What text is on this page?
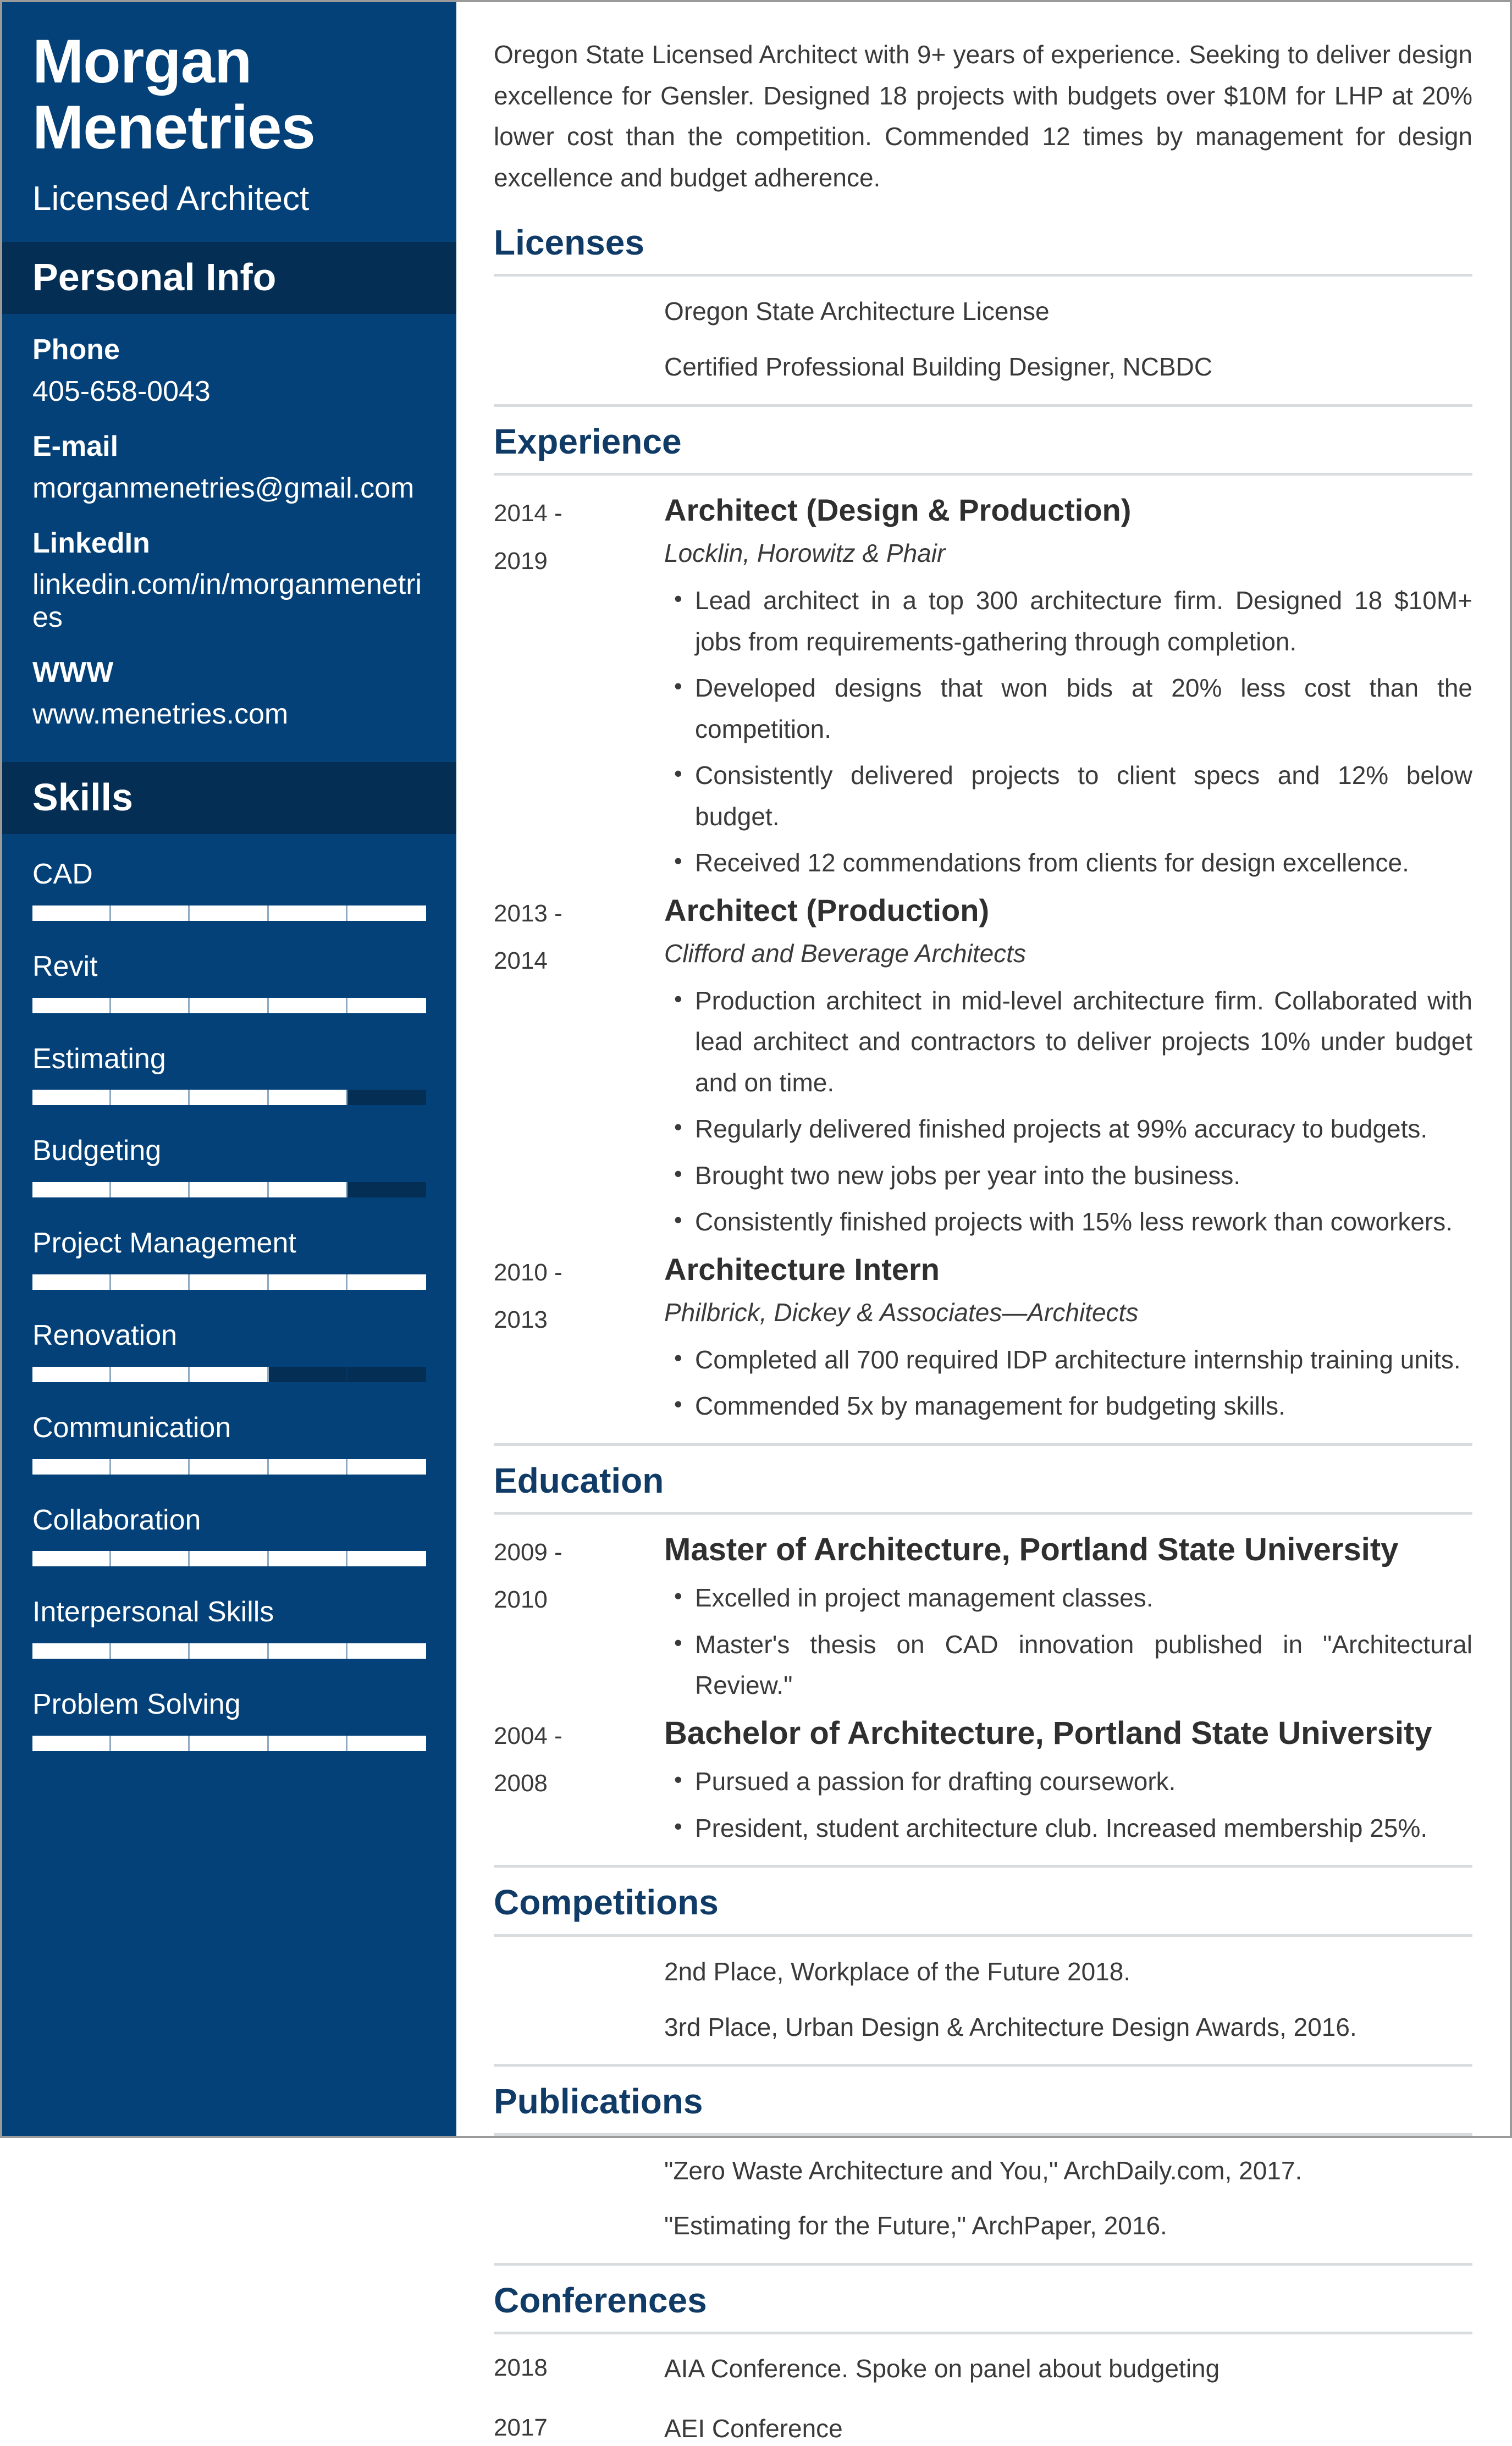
Morgan
Menetries
Licensed Architect
Personal Info
Phone
405-658-0043
E-mail
morganmenetries@gmail.com
LinkedIn
linkedin.com/in/morganmenetries
WWW
www.menetries.com
Skills
CAD
Revit
Estimating
Budgeting
Project Management
Renovation
Communication
Collaboration
Interpersonal Skills
Problem Solving

Oregon State Licensed Architect with 9+ years of experience. Seeking to deliver design excellence for Gensler. Designed 18 projects with budgets over $10M for LHP at 20% lower cost than the competition. Commended 12 times by management for design excellence and budget adherence.

Licenses
Oregon State Architecture License
Certified Professional Building Designer, NCBDC
Experience
2014 -
2019
Architect (Design & Production)
Locklin, Horowitz & Phair
• Lead architect in a top 300 architecture firm. Designed 18 $10M+ jobs from requirements-gathering through completion.
• Developed designs that won bids at 20% less cost than the competition.
• Consistently delivered projects to client specs and 12% below budget.
• Received 12 commendations from clients for design excellence.
2013 -
2014
Architect (Production)
Clifford and Beverage Architects
• Production architect in mid-level architecture firm. Collaborated with lead architect and contractors to deliver projects 10% under budget and on time.
• Regularly delivered finished projects at 99% accuracy to budgets.
• Brought two new jobs per year into the business.
• Consistently finished projects with 15% less rework than coworkers.
2010 -
2013
Architecture Intern
Philbrick, Dickey & Associates—Architects
• Completed all 700 required IDP architecture internship training units.
• Commended 5x by management for budgeting skills.
Education
2009 -
2010
Master of Architecture, Portland State University
• Excelled in project management classes.
• Master's thesis on CAD innovation published in "Architectural Review."
2004 -
2008
Bachelor of Architecture, Portland State University
• Pursued a passion for drafting coursework.
• President, student architecture club. Increased membership 25%.
Competitions
2nd Place, Workplace of the Future 2018.
3rd Place, Urban Design & Architecture Design Awards, 2016.
Publications
"Zero Waste Architecture and You," ArchDaily.com, 2017.
"Estimating for the Future," ArchPaper, 2016.
Conferences
2018	AIA Conference. Spoke on panel about budgeting
2017	AEI Conference
